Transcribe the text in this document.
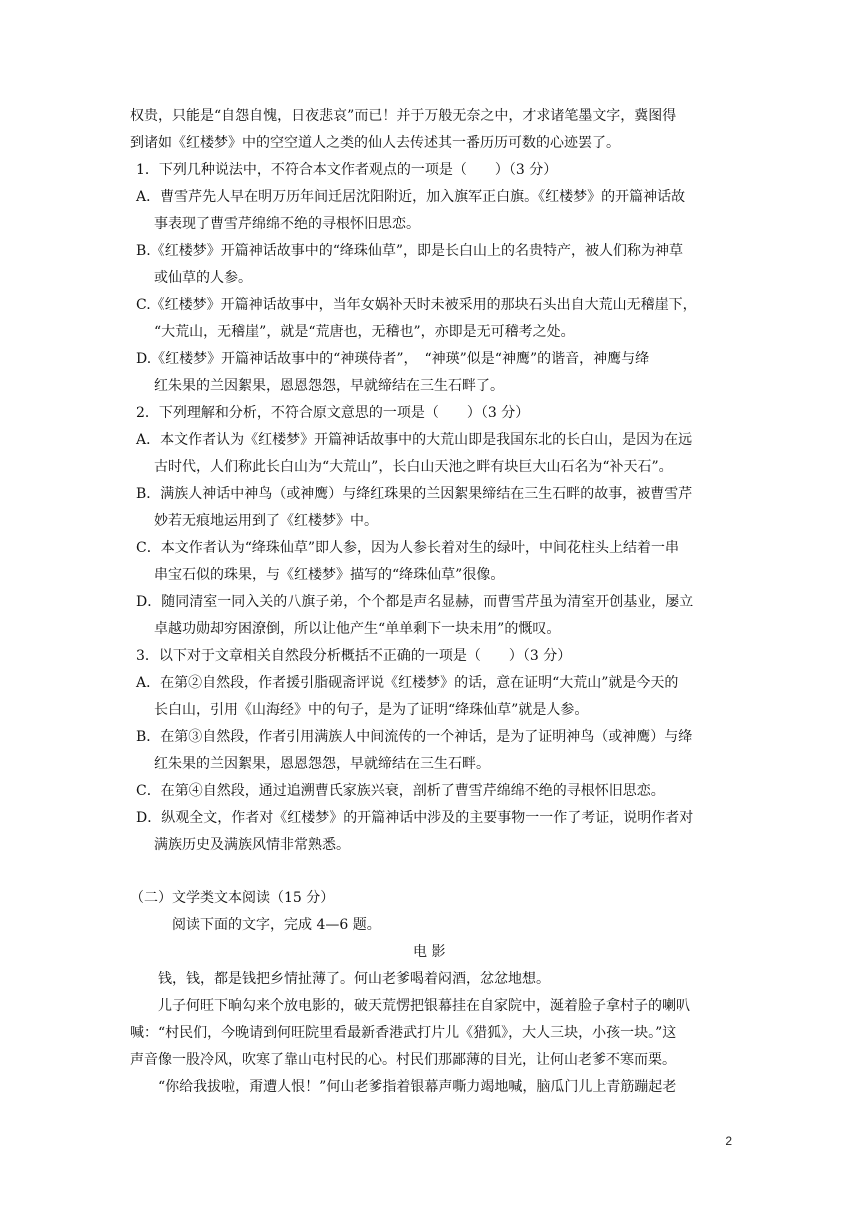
权贵，只能是“自怨自愧，日夜悲哀”而已！并于万般无奈之中，才求诸笔墨文字，冀图得
到诸如《红楼梦》中的空空道人之类的仙人去传述其一番历历可数的心迹罢了。
1．下列几种说法中，不符合本文作者观点的一项是（　　）（3 分）
A．曹雪芹先人早在明万历年间迁居沈阳附近，加入旗军正白旗。《红楼梦》的开篇神话故
事表现了曹雪芹绵绵不绝的寻根怀旧思恋。
B.《红楼梦》开篇神话故事中的“绛珠仙草”，即是长白山上的名贵特产，被人们称为神草
或仙草的人参。
C.《红楼梦》开篇神话故事中，当年女娲补天时未被采用的那块石头出自大荒山无稽崖下，
“大荒山，无稽崖”，就是“荒唐也，无稽也”，亦即是无可稽考之处。
D.《红楼梦》开篇神话故事中的“神瑛侍者”，　“神瑛”似是“神鹰”的谐音，神鹰与绛
红朱果的兰因絮果，恩恩怨怨，早就缔结在三生石畔了。
2．下列理解和分析，不符合原文意思的一项是（　　）（3 分）
A．本文作者认为《红楼梦》开篇神话故事中的大荒山即是我国东北的长白山，是因为在远
古时代，人们称此长白山为“大荒山”，长白山天池之畔有块巨大山石名为“补天石”。
B．满族人神话中神鸟（或神鹰）与绛红珠果的兰因絮果缔结在三生石畔的故事，被曹雪芹
妙若无痕地运用到了《红楼梦》中。
C．本文作者认为“绛珠仙草”即人参，因为人参长着对生的绿叶，中间花柱头上结着一串
串宝石似的珠果，与《红楼梦》描写的“绛珠仙草”很像。
D．随同清室一同入关的八旗子弟，个个都是声名显赫，而曹雪芹虽为清室开创基业，屡立
卓越功勋却穷困潦倒，所以让他产生“单单剩下一块未用”的慨叹。
3．以下对于文章相关自然段分析概括不正确的一项是（　　）（3 分）
A．在第②自然段，作者援引脂砚斋评说《红楼梦》的话，意在证明“大荒山”就是今天的
长白山，引用《山海经》中的句子，是为了证明“绛珠仙草”就是人参。
B．在第③自然段，作者引用满族人中间流传的一个神话，是为了证明神鸟（或神鹰）与绛
红朱果的兰因絮果，恩恩怨怨，早就缔结在三生石畔。
C．在第④自然段，通过追溯曹氏家族兴衰，剖析了曹雪芹绵绵不绝的寻根怀旧思恋。
D．纵观全文，作者对《红楼梦》的开篇神话中涉及的主要事物一一作了考证，说明作者对
满族历史及满族风情非常熟悉。
（二）文学类文本阅读（15 分）
阅读下面的文字，完成 4—6 题。
电 影
钱，钱，都是钱把乡情扯薄了。何山老爹喝着闷酒，忿忿地想。
儿子何旺下晌勾来个放电影的，破天荒愣把银幕挂在自家院中，涎着脸子拿村子的喇叭
喊：“村民们，今晚请到何旺院里看最新香港武打片儿《猎狐》，大人三块，小孩一块。”这
声音像一股冷风，吹寒了靠山屯村民的心。村民们那鄙薄的目光，让何山老爹不寒而栗。
“你给我拔啦，甭遭人恨！”何山老爹指着银幕声嘶力竭地喊，脑瓜门儿上青筋蹦起老
2
